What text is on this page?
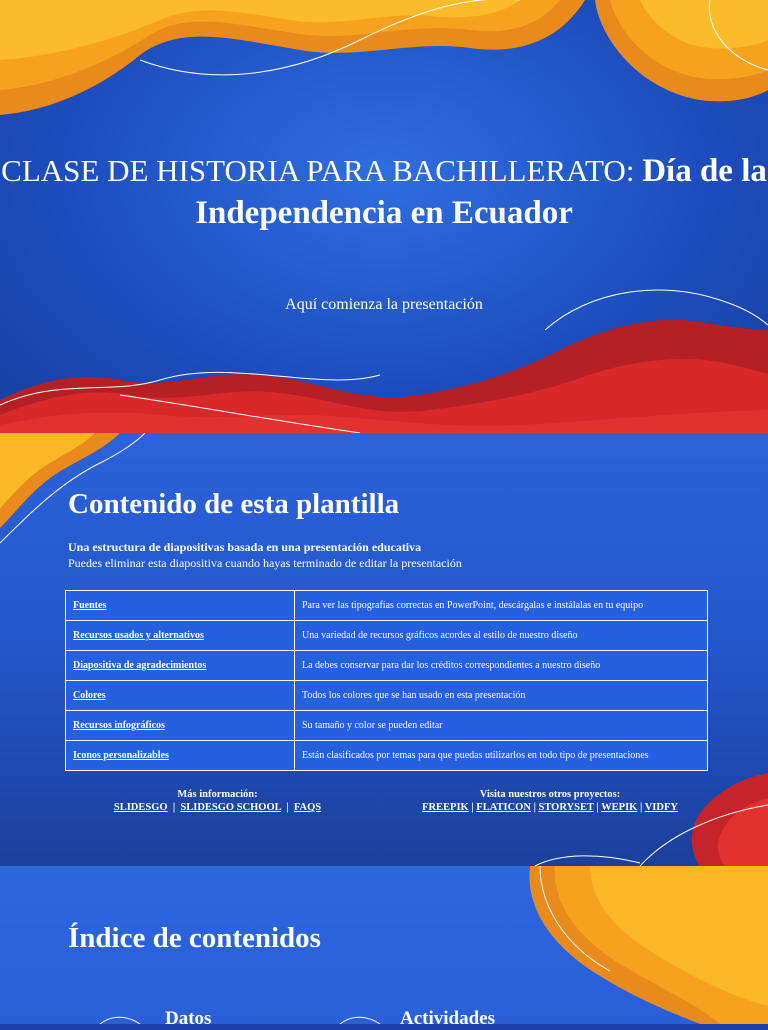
CLASE DE HISTORIA PARA BACHILLERATO: Día de la
Independencia en Ecuador
Aquí comienza la presentación
Contenido de esta plantilla
Una estructura de diapositivas basada en una presentación educativa
Puedes eliminar esta diapositiva cuando hayas terminado de editar la presentación
Fuentes	Para ver las tipografías correctas en PowerPoint, descárgalas e instálalas en tu equipo
Recursos usados y alternativos	Una variedad de recursos gráficos acordes al estilo de nuestro diseño
Diapositiva de agradecimientos	La debes conservar para dar los créditos correspondientes a nuestro diseño
Colores	Todos los colores que se han usado en esta presentación
Recursos infográficos	Su tamaño y color se pueden editar
Iconos personalizables	Están clasificados por temas para que puedas utilizarlos en todo tipo de presentaciones
Más información:
SLIDESGO  |  SLIDESGO SCHOOL  |  FAQS
Visita nuestros otros proyectos:
FREEPIK | FLATICON | STORYSET | WEPIK | VIDFY
Índice de contenidos
Datos	Actividades
